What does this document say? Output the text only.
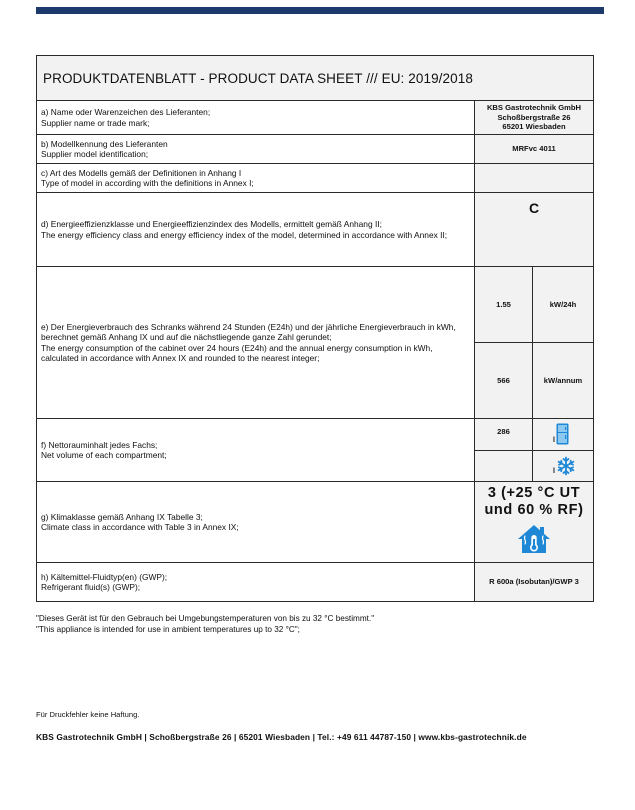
PRODUKTDATENBLATT - PRODUCT DATA SHEET /// EU: 2019/2018
a) Name oder Warenzeichen des Lieferanten;
Supplier name or trade mark;
KBS Gastrotechnik GmbH
Schoßbergstraße 26
65201 Wiesbaden
b) Modellkennung des Lieferanten
Supplier model identification;
MRFvc 4011
c) Art des Modells gemäß der Definitionen in Anhang I
Type of model in according with the definitions in Annex I;
d) Energieeffizienzklasse und Energieeffizienzindex des Modells, ermittelt gemäß Anhang II;
The energy efficiency class and energy efficiency index of the model, determined in accordance with Annex II;
C
e) Der Energieverbrauch des Schranks während 24 Stunden (E24h) und der jährliche Energieverbrauch in kWh, berechnet gemäß Anhang IX und auf die nächstliegende ganze Zahl gerundet;
The energy consumption of the cabinet over 24 hours (E24h) and the annual energy consumption in kWh, calculated in accordance with Annex IX and rounded to the nearest integer;
1.55	kW/24h
566	kW/annum
f) Nettorauminhalt jedes Fachs;
Net volume of each compartment;
286
l
l
g) Klimaklasse gemäß Anhang IX Tabelle 3;
Climate class in accordance with Table 3 in Annex IX;
3 (+25 °C UT
und 60 % RF)
h) Kältemittel-Fluidtyp(en) (GWP);
Refrigerant fluid(s) (GWP);
R 600a (Isobutan)/GWP 3
"Dieses Gerät ist für den Gebrauch bei Umgebungstemperaturen von bis zu 32 °C bestimmt."
"This appliance is intended for use in ambient temperatures up to 32 °C";
Für Druckfehler keine Haftung.
KBS Gastrotechnik GmbH | Schoßbergstraße 26 | 65201 Wiesbaden | Tel.: +49 611 44787-150 | www.kbs-gastrotechnik.de
